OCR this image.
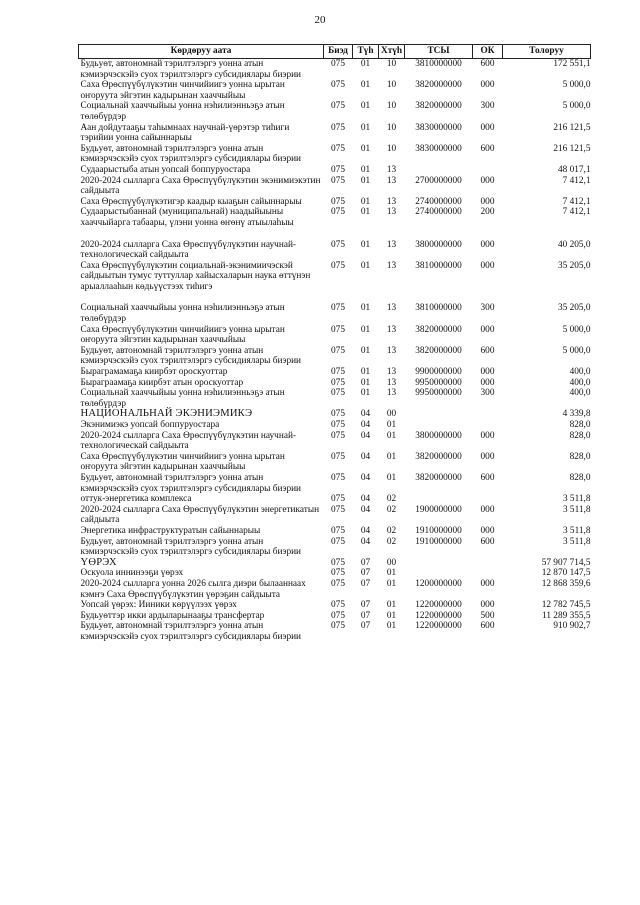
20
Кѳрдѳруу аата	Биэд	Түһ	Хтүһ	ТСЫ	ОК	Толоруу
Будьуѳт, автономнай тэрилтэлэргэ уонна атын кэмиэрчэскэйэ суох тэрилтэлэргэ субсидиялары биэрии	075	01	10	3810000000	600	172 551,1
Саха Ѳрѳспүүбүлүкэтин чинчийиигэ уонна ырытан оҥоруута эйгэтин кадырынан хааччыйыы	075	01	10	3820000000	000	5 000,0
Социальнай хааччыйыы уонна нэһилиэнньэҕэ атын төлөбүрдэр	075	01	10	3820000000	300	5 000,0
Аан дойдутааҕы таһымнаах научнай-үөрэтэр тиһиги тэрийии уонна сайыннарыы	075	01	10	3830000000	000	216 121,5
Будьуѳт, автономнай тэрилтэлэргэ уонна атын кэмиэрчэскэйэ суох тэрилтэлэргэ субсидиялары биэрии	075	01	10	3830000000	600	216 121,5
Судаарыстыба атын уопсай боппуруостара	075	01	13			48 017,1
2020-2024 сылларга Саха Ѳрѳспүүбүлүкэтин экэнимиэкэтин сайдыыта	075	01	13	2700000000	000	7 412,1
Саха Ѳрѳспүүбүлүкэтигэр каадыр кыаҕын сайыннарыы	075	01	13	2740000000	000	7 412,1
Судаарыстыбаннай (муниципальнай) наадыйыыны хааччыйарга табаары, үлэни уонна өҥөнү атыылаһыы	075	01	13	2740000000	200	7 412,1
2020-2024 сылларга Саха Ѳрѳспүүбүлүкэтин научнай-технологическай сайдыыта	075	01	13	3800000000	000	40 205,0
Саха Ѳрѳспүүбүлүкэтин социальнай-экэнимиичэскэй сайдыытын тумус туттуллар хайысхаларын наука өттүнэн арыаллааһын кѳдьүүстээх тиһигэ	075	01	13	3810000000	000	35 205,0
Социальнай хааччыйыы уонна нэһилиэнньэҕэ атын төлөбүрдэр	075	01	13	3810000000	300	35 205,0
Саха Ѳрѳспүүбүлүкэтин чинчийиигэ уонна ырытан оҥоруута эйгэтин кадырынан хааччыйыы	075	01	13	3820000000	000	5 000,0
Будьуѳт, автономнай тэрилтэлэргэ уонна атын кэмиэрчэскэйэ суох тэрилтэлэргэ субсидиялары биэрии	075	01	13	3820000000	600	5 000,0
Быраграмамаҕа киирбэт ороскуоттар	075	01	13	9900000000	000	400,0
Быраграамаҕа киирбэт атын ороскуоттар	075	01	13	9950000000	000	400,0
Социальнай хааччыйыы уонна нэһилиэнньэҕэ атын төлөбүрдэр	075	01	13	9950000000	300	400,0
НАЦИОНАЛЬНАЙ ЭКЭНИЭМИКЭ	075	04	00			4 339,8
Экэнимиэкэ уопсай боппуруостара	075	04	01			828,0
2020-2024 сылларга Саха Ѳрѳспүүбүлүкэтин научнай-технологическай сайдыыта	075	04	01	3800000000	000	828,0
Саха Ѳрѳспүүбүлүкэтин чинчийиигэ уонна ырытан оҥоруута эйгэтин кадырынан хааччыйыы	075	04	01	3820000000	000	828,0
Будьуѳт, автономнай тэрилтэлэргэ уонна атын кэмиэрчэскэйэ суох тэрилтэлэргэ субсидиялары биэрии	075	04	01	3820000000	600	828,0
оттук-энергетика комплекса	075	04	02			3 511,8
2020-2024 сылларга Саха Ѳрѳспүүбүлүкэтин энергетикатын сайдыыта	075	04	02	1900000000	000	3 511,8
Энергетика инфраструктуратын сайыннарыы	075	04	02	1910000000	000	3 511,8
Будьуѳт, автономнай тэрилтэлэргэ уонна атын кэмиэрчэскэйэ суох тэрилтэлэргэ субсидиялары биэрии	075	04	02	1910000000	600	3 511,8
ҮӨРЭХ	075	07	00			57 907 714,5
Оскуола иннинээҕи үөрэх	075	07	01			12 870 147,5
2020-2024 сылларга уонна 2026 сылга диэри былааннаах кэмҥэ Саха Ѳрѳспүүбүлүкэтин үѳрэҕин сайдыыта	075	07	01	1200000000	000	12 868 359,6
Уопсай үөрэх: Ииники кѳрүүлээх үөрэх	075	07	01	1220000000	000	12 782 745,5
Будьуѳттэр икки ардыларынааҕы трансфертар	075	07	01	1220000000	500	11 289 355,5
Будьуѳт, автономнай тэрилтэлэргэ уонна атын кэмиэрчэскэйэ суох тэрилтэлэргэ субсидиялары биэрии	075	07	01	1220000000	600	910 902,7
